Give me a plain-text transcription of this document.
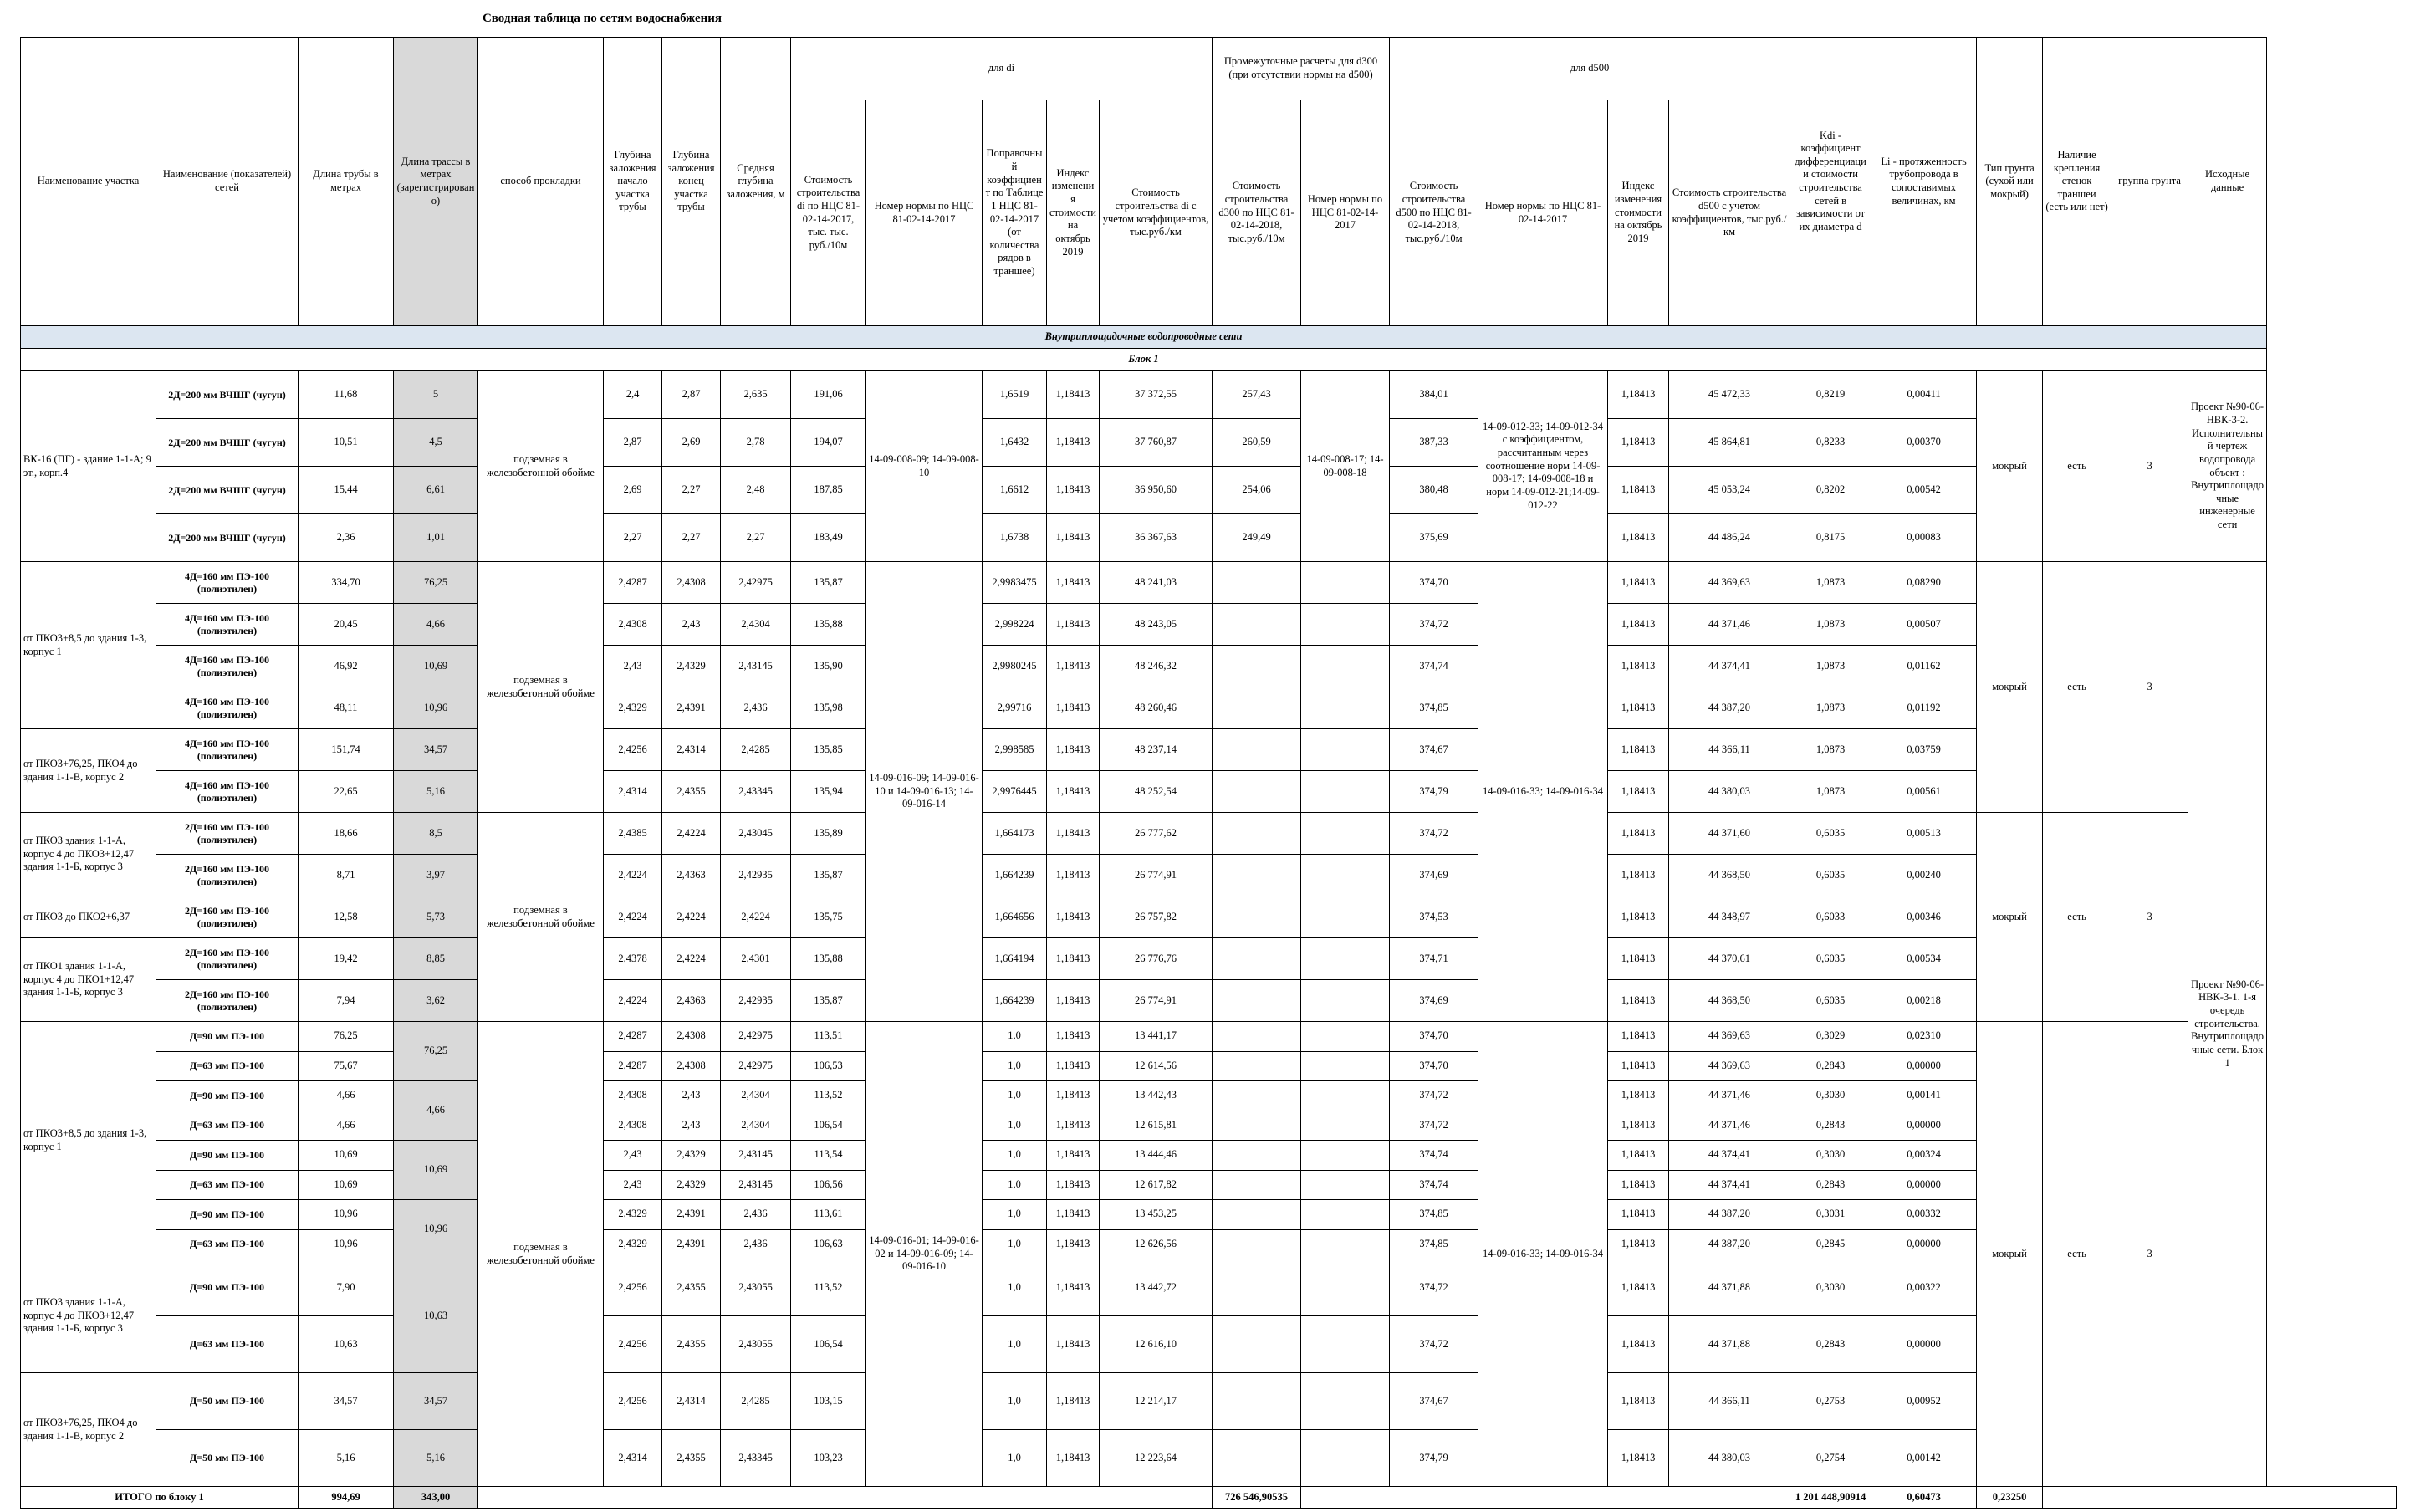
Сводная таблица по сетям водоснабжения
Наименование участка	Наименование (показателей) сетей	Длина трубы в метрах	Длина трассы в метрах (зарегистрировано)	способ прокладки	Глубина заложения начало участка трубы	Глубина заложения конец участка трубы	Средняя глубина заложения, м	для di					Промежуточные расчеты для d300 (при отсутствии нормы на d500)		для d500				Kdi - коэффициент дифференциации стоимости строительства сетей в зависимости от их диаметра d	Li - протяженность трубопровода в сопоставимых величинах, км	Тип грунта (сухой или мокрый)	Наличие крепления стенок траншеи (есть или нет)	группа грунта	Исходные данные
								Стоимость строительства di по НЦС 81-02-14-2017, тыс. тыс. руб./10м	Номер нормы по НЦС 81-02-14-2017	Поправочный коэффициент по Таблице 1 НЦС 81-02-14-2017 (от количества рядов в траншее)	Индекс изменения стоимости на октябрь 2019	Стоимость строительства di с учетом коэффициентов, тыс.руб./км	Стоимость строительства d300 по НЦС 81-02-14-2018, тыс.руб./10м	Номер нормы по НЦС 81-02-14-2017	Стоимость строительства d500 по НЦС 81-02-14-2018, тыс.руб./10м	Номер нормы по НЦС 81-02-14-2017	Индекс изменения стоимости на октябрь 2019	Стоимость строительства d500 с учетом коэффициентов, тыс.руб./км						
Внутриплощадочные водопроводные сети																								
Блок 1																								
ВК-16 (ПГ) - здание 1-1-А; 9 эт., корп.4	2Д=200 мм ВЧШГ (чугун)	11,68	5	подземная в железобетонной обойме	2,4	2,87	2,635	191,06	14-09-008-09; 14-09-008-10	1,6519	1,18413	37 372,55	257,43	14-09-008-17; 14-09-008-18	384,01	14-09-012-33; 14-09-012-34 с коэффициентом, рассчитанным через соотношение норм 14-09-008-17; 14-09-008-18 и норм 14-09-012-21;14-09-012-22	1,18413	45 472,33	0,8219	0,00411	мокрый	есть	3	Проект №90-06-НВК-3-2. Исполнительный чертеж водопровода объект : Внутриплощадочные инженерные сети
	2Д=200 мм ВЧШГ (чугун)	10,51	4,5		2,87	2,69	2,78	194,07		1,6432	1,18413	37 760,87	260,59		387,33		1,18413	45 864,81	0,8233	0,00370				
	2Д=200 мм ВЧШГ (чугун)	15,44	6,61		2,69	2,27	2,48	187,85		1,6612	1,18413	36 950,60	254,06		380,48		1,18413	45 053,24	0,8202	0,00542				
	2Д=200 мм ВЧШГ (чугун)	2,36	1,01		2,27	2,27	2,27	183,49		1,6738	1,18413	36 367,63	249,49		375,69		1,18413	44 486,24	0,8175	0,00083				
от ПКО3+8,5 до здания 1-3, корпус 1	4Д=160 мм ПЭ-100 (полиэтилен)	334,70	76,25	подземная в железобетонной обойме	2,4287	2,4308	2,42975	135,87	14-09-016-09; 14-09-016-10 и 14-09-016-13; 14-09-016-14	2,9983475	1,18413	48 241,03			374,70	14-09-016-33; 14-09-016-34	1,18413	44 369,63	1,0873	0,08290	мокрый	есть	3	Проект №90-06-НВК-3-1. 1-я очередь строительства. Внутриплощадочные сети. Блок 1
	4Д=160 мм ПЭ-100 (полиэтилен)	20,45	4,66		2,4308	2,43	2,4304	135,88		2,998224	1,18413	48 243,05			374,72		1,18413	44 371,46	1,0873	0,00507				
	4Д=160 мм ПЭ-100 (полиэтилен)	46,92	10,69		2,43	2,4329	2,43145	135,90		2,9980245	1,18413	48 246,32			374,74		1,18413	44 374,41	1,0873	0,01162				
	4Д=160 мм ПЭ-100 (полиэтилен)	48,11	10,96		2,4329	2,4391	2,436	135,98		2,99716	1,18413	48 260,46			374,85		1,18413	44 387,20	1,0873	0,01192				
от ПКО3+76,25, ПКО4 до здания 1-1-В, корпус 2	4Д=160 мм ПЭ-100 (полиэтилен)	151,74	34,57		2,4256	2,4314	2,4285	135,85		2,998585	1,18413	48 237,14			374,67		1,18413	44 366,11	1,0873	0,03759				
	4Д=160 мм ПЭ-100 (полиэтилен)	22,65	5,16		2,4314	2,4355	2,43345	135,94		2,9976445	1,18413	48 252,54			374,79		1,18413	44 380,03	1,0873	0,00561				
от ПКО3 здания 1-1-А, корпус 4 до ПКО3+12,47 здания 1-1-Б, корпус 3	2Д=160 мм ПЭ-100 (полиэтилен)	18,66	8,5	подземная в железобетонной обойме	2,4385	2,4224	2,43045	135,89		1,664173	1,18413	26 777,62			374,72		1,18413	44 371,60	0,6035	0,00513	мокрый	есть	3	
	2Д=160 мм ПЭ-100 (полиэтилен)	8,71	3,97		2,4224	2,4363	2,42935	135,87		1,664239	1,18413	26 774,91			374,69		1,18413	44 368,50	0,6035	0,00240				
от ПКО3 до ПКО2+6,37	2Д=160 мм ПЭ-100 (полиэтилен)	12,58	5,73		2,4224	2,4224	2,4224	135,75		1,664656	1,18413	26 757,82			374,53		1,18413	44 348,97	0,6033	0,00346				
от ПКО1 здания 1-1-А, корпус 4 до ПКО1+12,47 здания 1-1-Б, корпус 3	2Д=160 мм ПЭ-100 (полиэтилен)	19,42	8,85		2,4378	2,4224	2,4301	135,88		1,664194	1,18413	26 776,76			374,71		1,18413	44 370,61	0,6035	0,00534				
	2Д=160 мм ПЭ-100 (полиэтилен)	7,94	3,62		2,4224	2,4363	2,42935	135,87		1,664239	1,18413	26 774,91			374,69		1,18413	44 368,50	0,6035	0,00218				
от ПКО3+8,5 до здания 1-3, корпус 1	Д=90 мм ПЭ-100	76,25	76,25	подземная в железобетонной обойме	2,4287	2,4308	2,42975	113,51	14-09-016-01; 14-09-016-02 и 14-09-016-09; 14-09-016-10	1,0	1,18413	13 441,17			374,70	14-09-016-33; 14-09-016-34	1,18413	44 369,63	0,3029	0,02310	мокрый	есть	3	
	Д=63 мм ПЭ-100	75,67			2,4287	2,4308	2,42975	106,53		1,0	1,18413	12 614,56			374,70		1,18413	44 369,63	0,2843	0,00000				
	Д=90 мм ПЭ-100	4,66	4,66		2,4308	2,43	2,4304	113,52		1,0	1,18413	13 442,43			374,72		1,18413	44 371,46	0,3030	0,00141				
	Д=63 мм ПЭ-100	4,66			2,4308	2,43	2,4304	106,54		1,0	1,18413	12 615,81			374,72		1,18413	44 371,46	0,2843	0,00000				
	Д=90 мм ПЭ-100	10,69	10,69		2,43	2,4329	2,43145	113,54		1,0	1,18413	13 444,46			374,74		1,18413	44 374,41	0,3030	0,00324				
	Д=63 мм ПЭ-100	10,69			2,43	2,4329	2,43145	106,56		1,0	1,18413	12 617,82			374,74		1,18413	44 374,41	0,2843	0,00000				
	Д=90 мм ПЭ-100	10,96	10,96		2,4329	2,4391	2,436	113,61		1,0	1,18413	13 453,25			374,85		1,18413	44 387,20	0,3031	0,00332				
	Д=63 мм ПЭ-100	10,96			2,4329	2,4391	2,436	106,63		1,0	1,18413	12 626,56			374,85		1,18413	44 387,20	0,2845	0,00000				
от ПКО3 здания 1-1-А, корпус 4 до ПКО3+12,47 здания 1-1-Б, корпус 3	Д=90 мм ПЭ-100	7,90	10,63		2,4256	2,4355	2,43055	113,52		1,0	1,18413	13 442,72			374,72		1,18413	44 371,88	0,3030	0,00322				
	Д=63 мм ПЭ-100	10,63			2,4256	2,4355	2,43055	106,54		1,0	1,18413	12 616,10			374,72		1,18413	44 371,88	0,2843	0,00000				
от ПКО3+76,25, ПКО4 до здания 1-1-В, корпус 2	Д=50 мм ПЭ-100	34,57	34,57		2,4256	2,4314	2,4285	103,15		1,0	1,18413	12 214,17			374,67		1,18413	44 366,11	0,2753	0,00952				
	Д=50 мм ПЭ-100	5,16	5,16		2,4314	2,4355	2,43345	103,23		1,0	1,18413	12 223,64			374,79		1,18413	44 380,03	0,2754	0,00142				
ИТОГО по блоку 1		994,69	343,00										726 546,90535						1 201 448,90914	0,60473	0,23250			
